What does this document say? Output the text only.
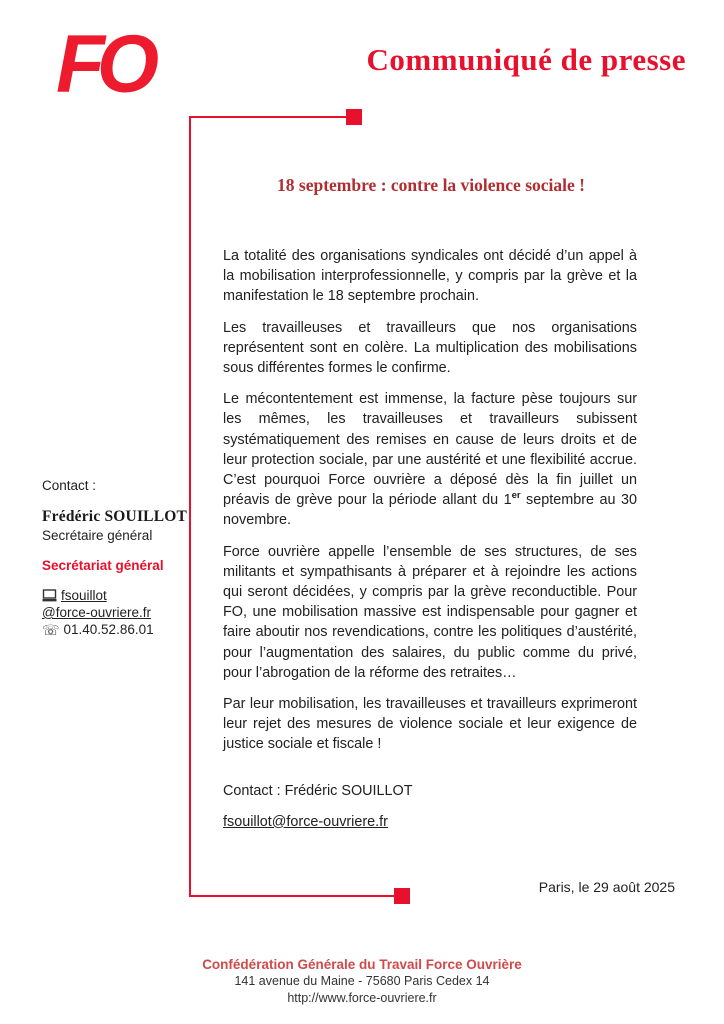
FO	Communiqué de presse
18 septembre : contre la violence sociale !

La totalité des organisations syndicales ont décidé d’un appel à la mobilisation interprofessionnelle, y compris par la grève et la manifestation le 18 septembre prochain.

Les travailleuses et travailleurs que nos organisations représentent sont en colère. La multiplication des mobilisations sous différentes formes le confirme.

Le mécontentement est immense, la facture pèse toujours sur les mêmes, les travailleuses et travailleurs subissent systématiquement des remises en cause de leurs droits et de leur protection sociale, par une austérité et une flexibilité accrue. C’est pourquoi Force ouvrière a déposé dès la fin juillet un préavis de grève pour la période allant du 1er septembre au 30 novembre.

Force ouvrière appelle l’ensemble de ses structures, de ses militants et sympathisants à préparer et à rejoindre les actions qui seront décidées, y compris par la grève reconductible. Pour FO, une mobilisation massive est indispensable pour gagner et faire aboutir nos revendications, contre les politiques d’austérité, pour l’augmentation des salaires, du public comme du privé, pour l’abrogation de la réforme des retraites…

Par leur mobilisation, les travailleuses et travailleurs exprimeront leur rejet des mesures de violence sociale et leur exigence de justice sociale et fiscale !

Contact : Frédéric SOUILLOT

fsouillot@force-ouvriere.fr

Contact :
Frédéric SOUILLOT
Secrétaire général
Secrétariat général
fsouillot
@force-ouvriere.fr
☏ 01.40.52.86.01
Paris, le 29 août 2025
Confédération Générale du Travail Force Ouvrière
141 avenue du Maine - 75680 Paris Cedex 14
http://www.force-ouvriere.fr
